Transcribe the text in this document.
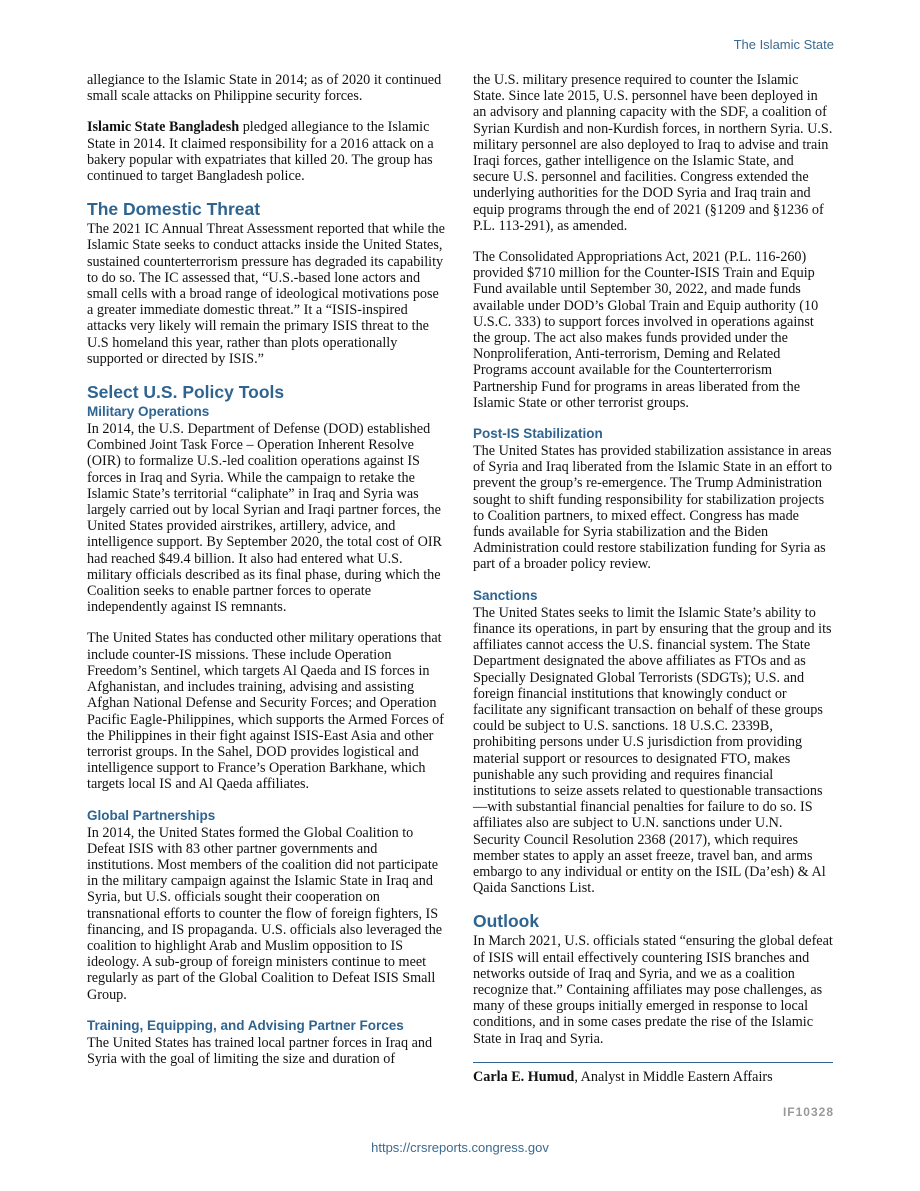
The Islamic State

allegiance to the Islamic State in 2014; as of 2020 it continued small scale attacks on Philippine security forces.

Islamic State Bangladesh pledged allegiance to the Islamic State in 2014. It claimed responsibility for a 2016 attack on a bakery popular with expatriates that killed 20. The group has continued to target Bangladesh police.

The Domestic Threat

The 2021 IC Annual Threat Assessment reported that while the Islamic State seeks to conduct attacks inside the United States, sustained counterterrorism pressure has degraded its capability to do so. The IC assessed that, “U.S.-based lone actors and small cells with a broad range of ideological motivations pose a greater immediate domestic threat.” It a “ISIS-inspired attacks very likely will remain the primary ISIS threat to the U.S homeland this year, rather than plots operationally supported or directed by ISIS.”

Select U.S. Policy Tools
Military Operations

In 2014, the U.S. Department of Defense (DOD) established Combined Joint Task Force – Operation Inherent Resolve (OIR) to formalize U.S.-led coalition operations against IS forces in Iraq and Syria. While the campaign to retake the Islamic State’s territorial “caliphate” in Iraq and Syria was largely carried out by local Syrian and Iraqi partner forces, the United States provided airstrikes, artillery, advice, and intelligence support. By September 2020, the total cost of OIR had reached $49.4 billion. It also had entered what U.S. military officials described as its final phase, during which the Coalition seeks to enable partner forces to operate independently against IS remnants.

The United States has conducted other military operations that include counter-IS missions. These include Operation Freedom’s Sentinel, which targets Al Qaeda and IS forces in Afghanistan, and includes training, advising and assisting Afghan National Defense and Security Forces; and Operation Pacific Eagle-Philippines, which supports the Armed Forces of the Philippines in their fight against ISIS-East Asia and other terrorist groups. In the Sahel, DOD provides logistical and intelligence support to France’s Operation Barkhane, which targets local IS and Al Qaeda affiliates.

Global Partnerships

In 2014, the United States formed the Global Coalition to Defeat ISIS with 83 other partner governments and institutions. Most members of the coalition did not participate in the military campaign against the Islamic State in Iraq and Syria, but U.S. officials sought their cooperation on transnational efforts to counter the flow of foreign fighters, IS financing, and IS propaganda. U.S. officials also leveraged the coalition to highlight Arab and Muslim opposition to IS ideology. A sub-group of foreign ministers continue to meet regularly as part of the Global Coalition to Defeat ISIS Small Group.

Training, Equipping, and Advising Partner Forces

The United States has trained local partner forces in Iraq and Syria with the goal of limiting the size and duration of

the U.S. military presence required to counter the Islamic State. Since late 2015, U.S. personnel have been deployed in an advisory and planning capacity with the SDF, a coalition of Syrian Kurdish and non-Kurdish forces, in northern Syria. U.S. military personnel are also deployed to Iraq to advise and train Iraqi forces, gather intelligence on the Islamic State, and secure U.S. personnel and facilities. Congress extended the underlying authorities for the DOD Syria and Iraq train and equip programs through the end of 2021 (§1209 and §1236 of P.L. 113-291), as amended.

The Consolidated Appropriations Act, 2021 (P.L. 116-260) provided $710 million for the Counter-ISIS Train and Equip Fund available until September 30, 2022, and made funds available under DOD’s Global Train and Equip authority (10 U.S.C. 333) to support forces involved in operations against the group. The act also makes funds provided under the Nonproliferation, Anti-terrorism, Deming and Related Programs account available for the Counterterrorism Partnership Fund for programs in areas liberated from the Islamic State or other terrorist groups.

Post-IS Stabilization

The United States has provided stabilization assistance in areas of Syria and Iraq liberated from the Islamic State in an effort to prevent the group’s re-emergence. The Trump Administration sought to shift funding responsibility for stabilization projects to Coalition partners, to mixed effect. Congress has made funds available for Syria stabilization and the Biden Administration could restore stabilization funding for Syria as part of a broader policy review.

Sanctions

The United States seeks to limit the Islamic State’s ability to finance its operations, in part by ensuring that the group and its affiliates cannot access the U.S. financial system. The State Department designated the above affiliates as FTOs and as Specially Designated Global Terrorists (SDGTs); U.S. and foreign financial institutions that knowingly conduct or facilitate any significant transaction on behalf of these groups could be subject to U.S. sanctions. 18 U.S.C. 2339B, prohibiting persons under U.S jurisdiction from providing material support or resources to designated FTO, makes punishable any such providing and requires financial institutions to seize assets related to questionable transactions—with substantial financial penalties for failure to do so. IS affiliates also are subject to U.N. sanctions under U.N. Security Council Resolution 2368 (2017), which requires member states to apply an asset freeze, travel ban, and arms embargo to any individual or entity on the ISIL (Da’esh) & Al Qaida Sanctions List.

Outlook

In March 2021, U.S. officials stated “ensuring the global defeat of ISIS will entail effectively countering ISIS branches and networks outside of Iraq and Syria, and we as a coalition recognize that.” Containing affiliates may pose challenges, as many of these groups initially emerged in response to local conditions, and in some cases predate the rise of the Islamic State in Iraq and Syria.

Carla E. Humud, Analyst in Middle Eastern Affairs
IF10328
https://crsreports.congress.gov
